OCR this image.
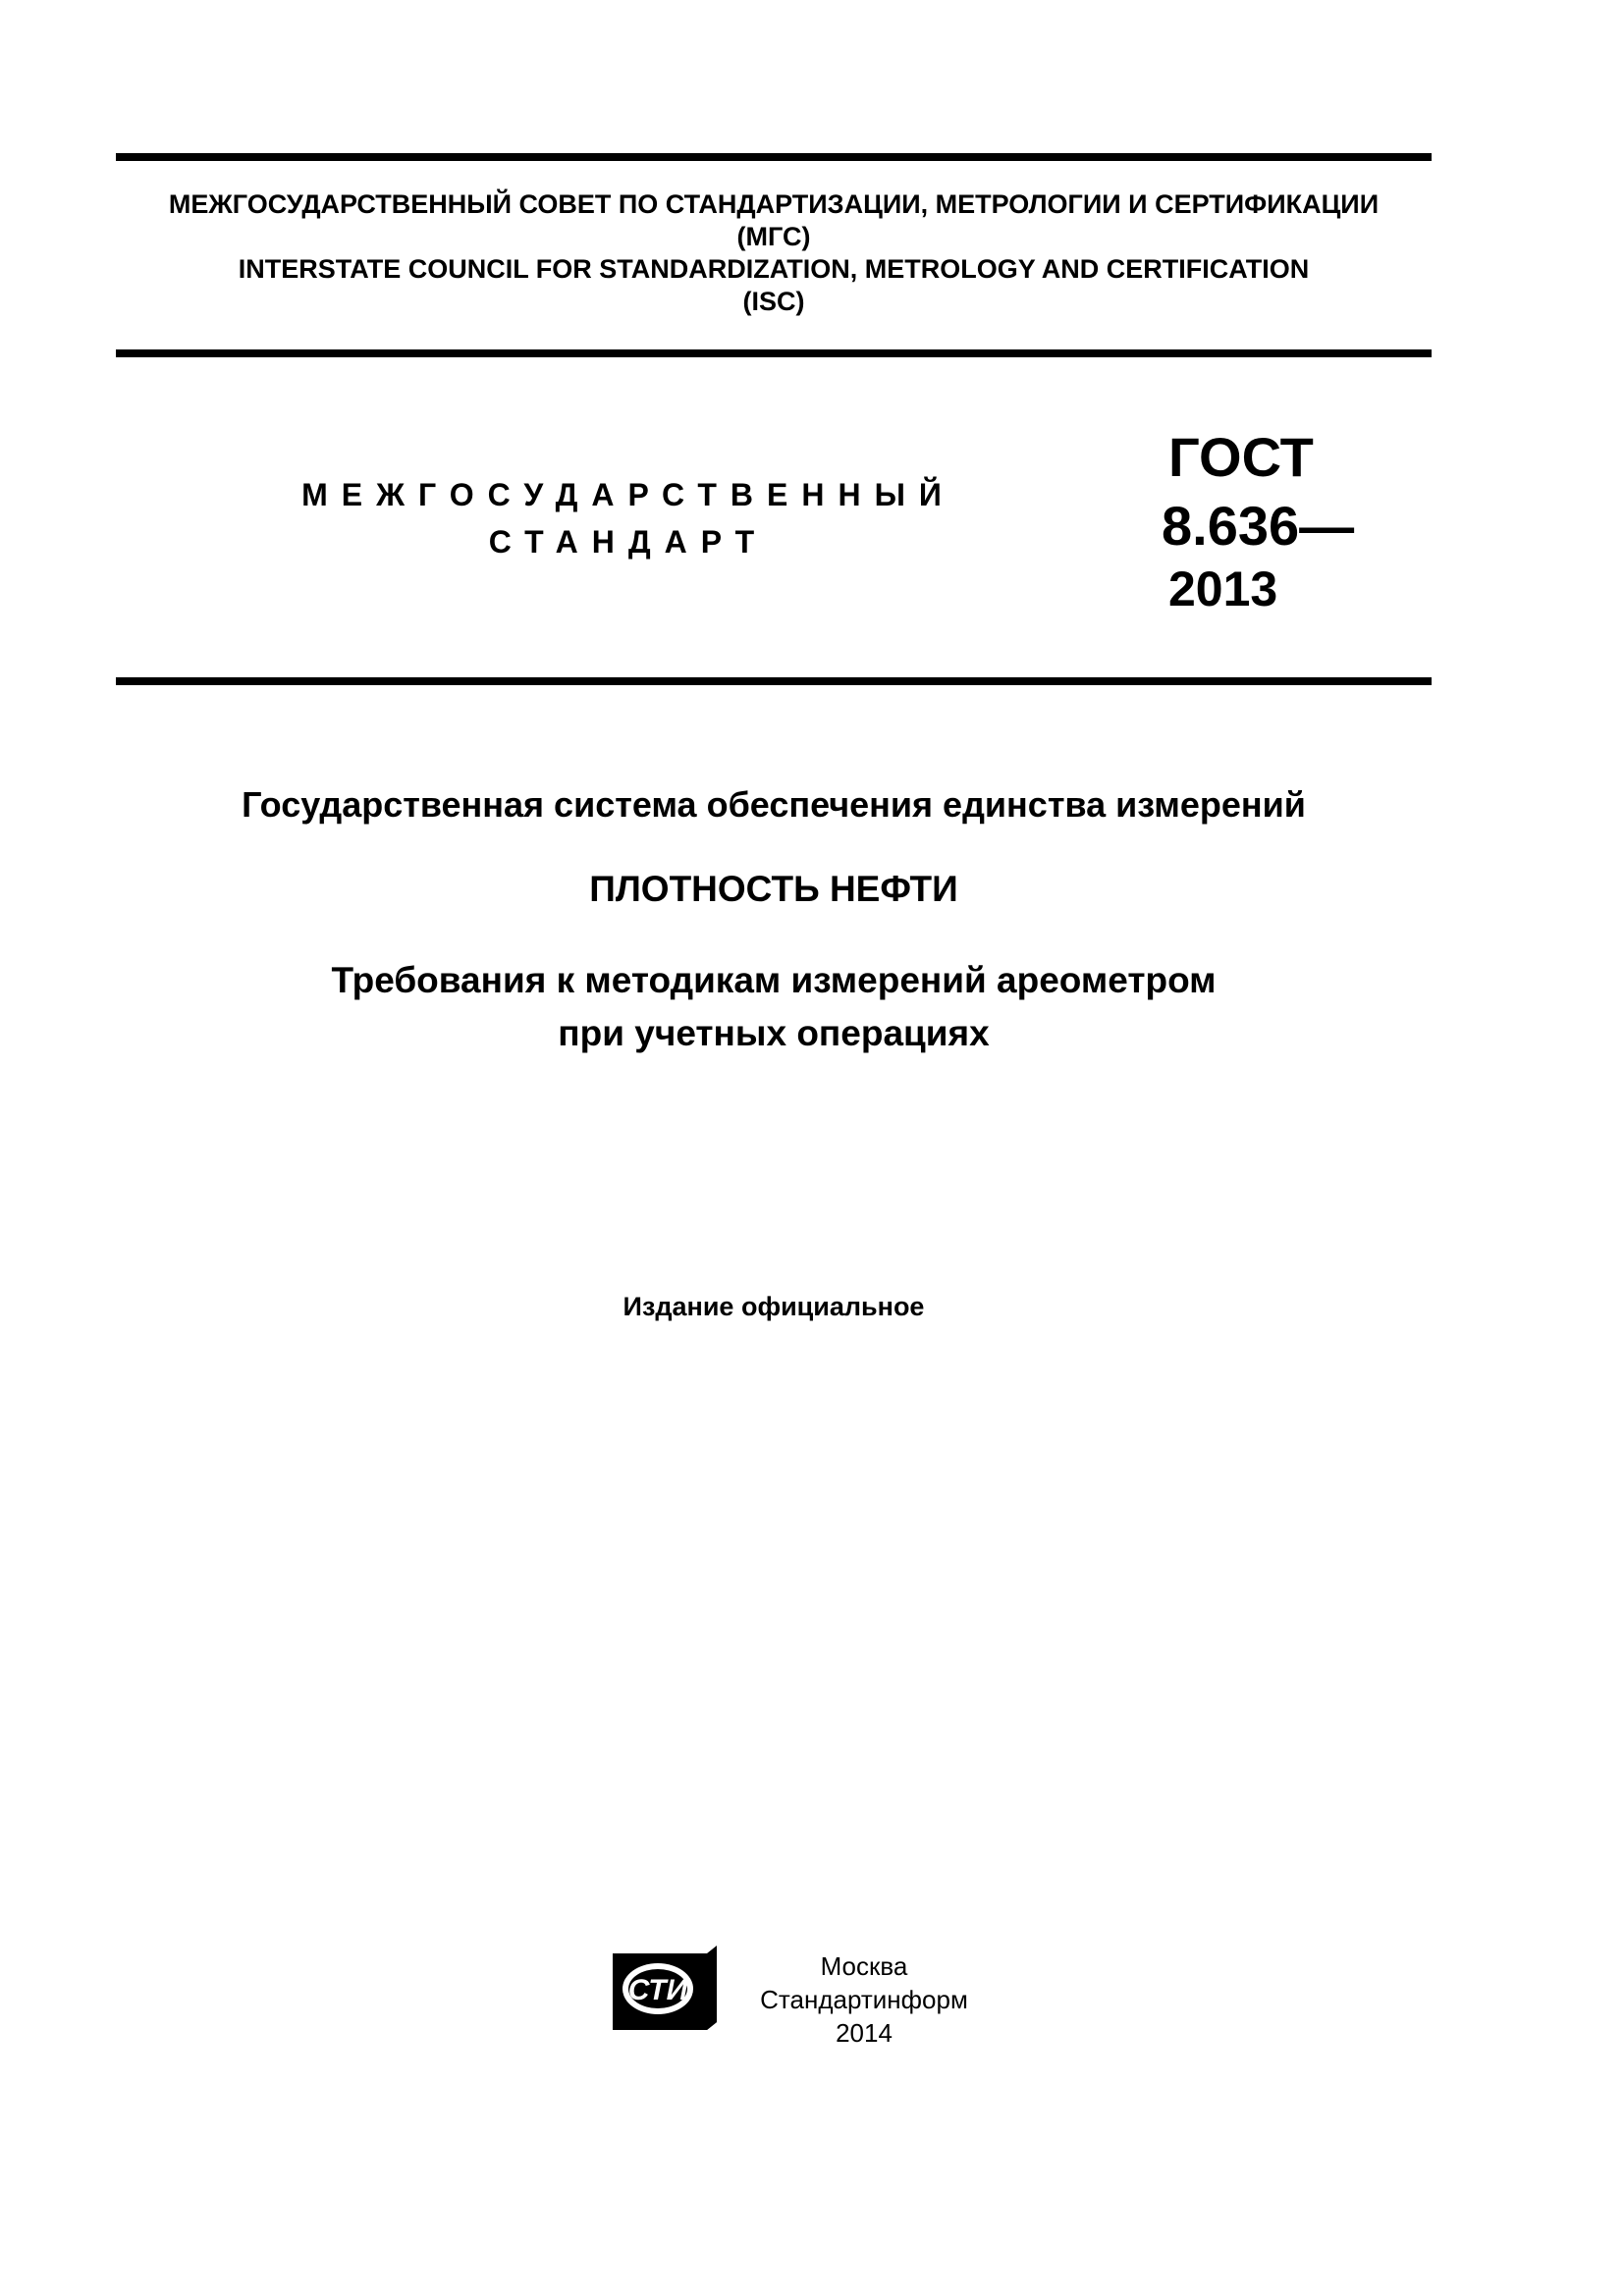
МЕЖГОСУДАРСТВЕННЫЙ СОВЕТ ПО СТАНДАРТИЗАЦИИ, МЕТРОЛОГИИ И СЕРТИФИКАЦИИ
(МГС)
INTERSTATE COUNCIL FOR STANDARDIZATION, METROLOGY AND CERTIFICATION
(ISC)
МЕЖГОСУДАРСТВЕННЫЙ
СТАНДАРТ
ГОСТ
8.636—
2013
Государственная система обеспечения единства измерений
ПЛОТНОСТЬ НЕФТИ
Требования к методикам измерений ареометром
при учетных операциях
Издание официальное
СТИ
Москва
Стандартинформ
2014
